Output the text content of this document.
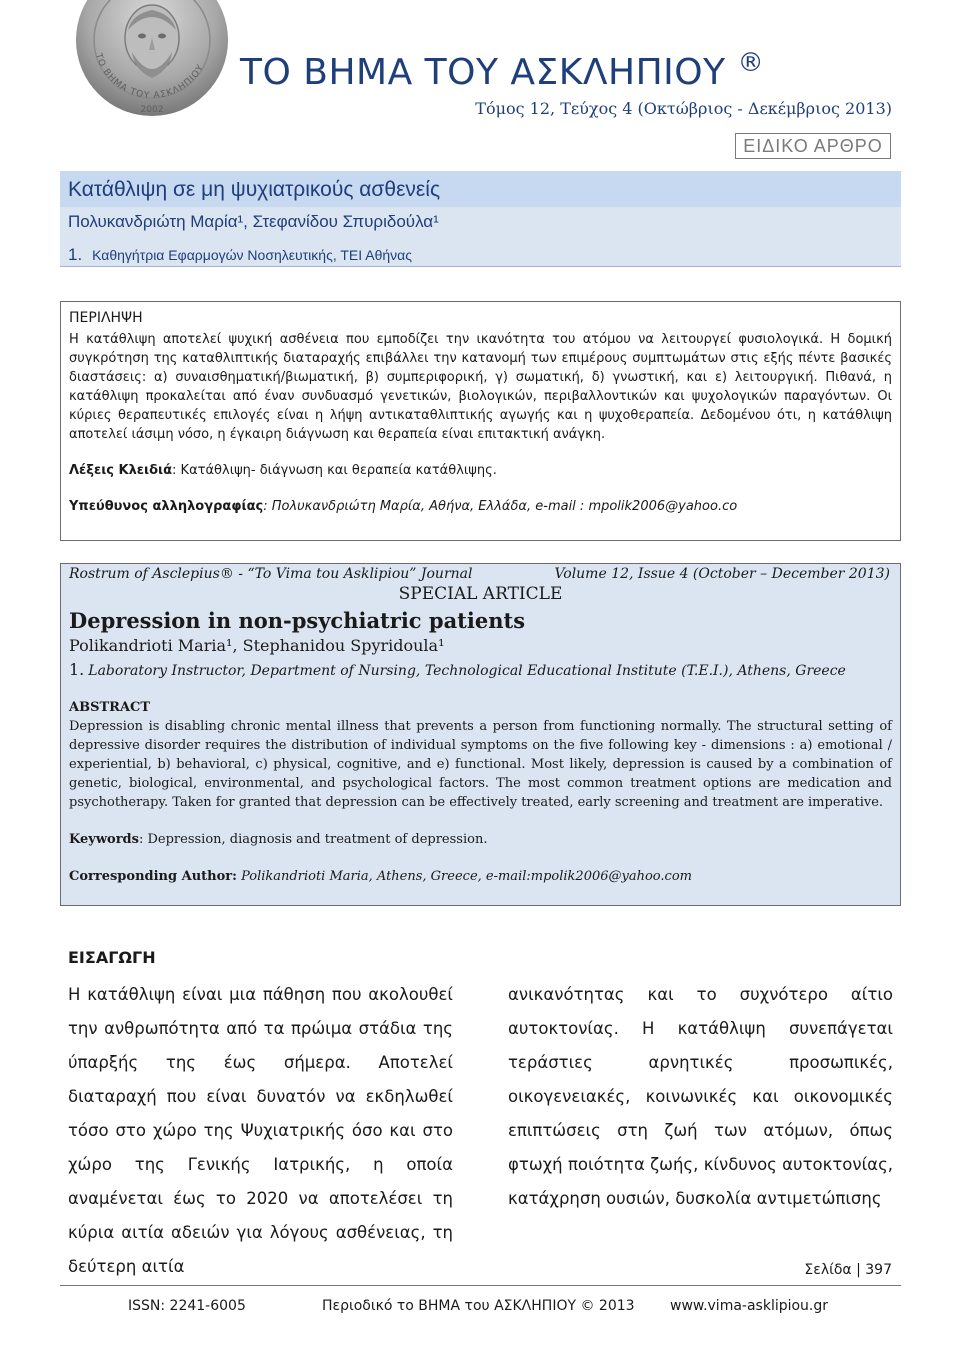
ΤΟ ΒΗΜΑ ΤΟΥ ΑΣΚΛΗΠΙΟΥ
2002
ΤΟ ΒΗΜΑ ΤΟΥ ΑΣΚΛΗΠΙΟΥ ®
Τόμος 12, Τεύχος 4 (Οκτώβριος - Δεκέμβριος 2013)
ΕΙΔΙΚΟ ΑΡΘΡΟ
Κατάθλιψη σε μη ψυχιατρικούς ασθενείς
Πολυκανδριώτη Μαρία¹, Στεφανίδου Σπυριδούλα¹
1. Καθηγήτρια Εφαρμογών Νοσηλευτικής, ΤΕΙ Αθήνας
ΠΕΡΙΛΗΨΗ
Η κατάθλιψη αποτελεί ψυχική ασθένεια που εμποδίζει την ικανότητα του ατόμου να λειτουργεί φυσιολογικά. Η δομική συγκρότηση της καταθλιπτικής διαταραχής επιβάλλει την κατανομή των επιμέρους συμπτωμάτων στις εξής πέντε βασικές διαστάσεις: α) συναισθηματική/βιωματική, β) συμπεριφορική, γ) σωματική, δ) γνωστική, και ε) λειτουργική. Πιθανά, η κατάθλιψη προκαλείται από έναν συνδυασμό γενετικών, βιολογικών, περιβαλλοντικών και ψυχολογικών παραγόντων. Οι κύριες θεραπευτικές επιλογές είναι η λήψη αντικαταθλιπτικής αγωγής και η ψυχοθεραπεία. Δεδομένου ότι, η κατάθλιψη αποτελεί ιάσιμη νόσο, η έγκαιρη διάγνωση και θεραπεία είναι επιτακτική ανάγκη.
Λέξεις Κλειδιά: Κατάθλιψη- διάγνωση και θεραπεία κατάθλιψης.
Υπεύθυνος αλληλογραφίας: Πολυκανδριώτη Μαρία, Αθήνα, Ελλάδα, e-mail : mpolik2006@yahoo.co
Rostrum of Asclepius® - “To Vima tou Asklipiou” Journal	Volume 12, Issue 4 (October – December 2013)
SPECIAL ARTICLE
Depression in non-psychiatric patients
Polikandrioti Maria¹, Stephanidou Spyridoula¹
1. Laboratory Instructor, Department of Nursing, Technological Educational Institute (T.E.I.), Athens, Greece
ABSTRACT
Depression is disabling chronic mental illness that prevents a person from functioning normally. The structural setting of depressive disorder requires the distribution of individual symptoms on the five following key - dimensions : a) emotional / experiential, b) behavioral, c) physical, cognitive, and e) functional. Most likely, depression is caused by a combination of genetic, biological, environmental, and psychological factors. The most common treatment options are medication and psychotherapy. Taken for granted that depression can be effectively treated, early screening and treatment are imperative.
Keywords: Depression, diagnosis and treatment of depression.
Corresponding Author: Polikandrioti Maria, Athens, Greece, e-mail:mpolik2006@yahoo.com
ΕΙΣΑΓΩΓΗ
Η κατάθλιψη είναι μια πάθηση που ακολουθεί την ανθρωπότητα από τα πρώιμα στάδια της ύπαρξής της έως σήμερα. Αποτελεί διαταραχή που είναι δυνατόν να εκδηλωθεί τόσο στο χώρο της Ψυχιατρικής όσο και στο χώρο της Γενικής Ιατρικής, η οποία αναμένεται έως το 2020 να αποτελέσει τη κύρια αιτία αδειών για λόγους ασθένειας, τη δεύτερη αιτία
ανικανότητας και το συχνότερο αίτιο αυτοκτονίας. Η κατάθλιψη συνεπάγεται τεράστιες αρνητικές προσωπικές, οικογενειακές, κοινωνικές και οικονομικές επιπτώσεις στη ζωή των ατόμων, όπως φτωχή ποιότητα ζωής, κίνδυνος αυτοκτονίας, κατάχρηση ουσιών, δυσκολία αντιμετώπισης
Σελίδα | 397
ISSN: 2241-6005	Περιοδικό το ΒΗΜΑ του ΑΣΚΛΗΠΙΟΥ © 2013	www.vima-asklipiou.gr
